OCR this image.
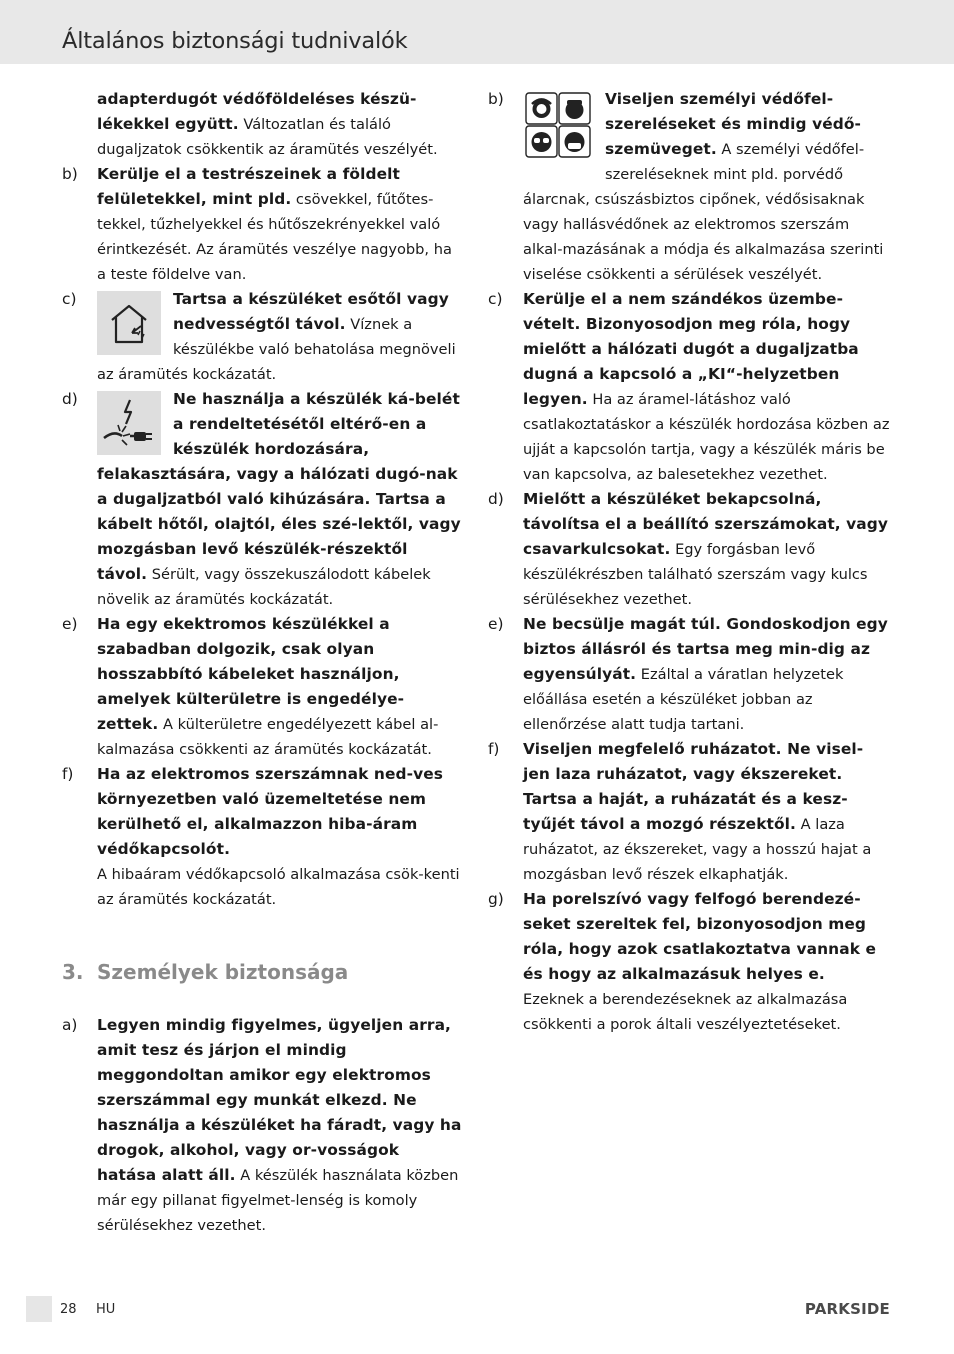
Általános biztonsági tudnivalók
adapterdugót védőföldeléses készü-lékekkel együtt. Változatlan és találó dugaljzatok csökkentik az áramütés veszélyét.
b) Kerülje el a testrészeinek a földelt felületekkel, mint pld. csövekkel, fűtőtes-tekkel, tűzhelyekkel és hűtőszekrényekkel való érintkezését. Az áramütés veszélye nagyobb, ha a teste földelve van.
c)	Tartsa a készüléket esőtől vagy nedvességtől távol. Víznek a készülékbe való behatolása megnöveli az áramütés kockázatát.
d)	Ne használja a készülék ká-belét a rendeltetésétől eltérő-en a készülék hordozására, felakasztására, vagy a hálózati dugó-nak a dugaljzatból való kihúzására. Tartsa a kábelt hőtől, olajtól, éles szé-lektől, vagy mozgásban levő készülék-részektől távol. Sérült, vagy összekuszálodott kábelek növelik az áramütés kockázatát.
e) Ha egy ekektromos készülékkel a szabadban dolgozik, csak olyan hosszabbító kábeleket használjon, amelyek külterületre is engedélye-zettek. A külterületre engedélyezett kábel al-kalmazása csökkenti az áramütés kockázatát.
f) Ha az elektromos szerszámnak ned-ves környezetben való üzemeltetése nem kerülhető el, alkalmazzon hiba-áram védőkapcsolót.
A hibaáram védőkapcsoló alkalmazása csök-kenti az áramütés kockázatát.
3. Személyek biztonsága
a) Legyen mindig figyelmes, ügyeljen arra, amit tesz és járjon el mindig meggondoltan amikor egy elektromos szerszámmal egy munkát elkezd. Ne használja a készüléket ha fáradt, vagy ha drogok, alkohol, vagy or-vosságok hatása alatt áll. A készülék használata közben már egy pillanat figyelmet-lenség is komoly sérülésekhez vezethet.
b)	Viseljen személyi védőfel-szereléseket és mindig védő-szemüveget. A személyi védőfel-szereléseknek mint pld. porvédő álarcnak, csúszásbiztos cipőnek, védősisaknak vagy hallásvédőnek az elektromos szerszám alkal-mazásának a módja és alkalmazása szerinti viselése csökkenti a sérülések veszélyét.
c) Kerülje el a nem szándékos üzembe-vételt. Bizonyosodjon meg róla, hogy mielőtt a hálózati dugót a dugaljzatba dugná a kapcsoló a „KI“-helyzetben legyen. Ha az áramel-látáshoz való csatlakoztatáskor a készülék hordozása közben az ujját a kapcsolón tartja, vagy a készülék máris be van kapcsolva, az balesetekhez vezethet.
d) Mielőtt a készüléket bekapcsolná, távolítsa el a beállító szerszámokat, vagy csavarkulcsokat. Egy forgásban levő készülékrészben található szerszám vagy kulcs sérülésekhez vezethet.
e) Ne becsülje magát túl. Gondoskodjon egy biztos állásról és tartsa meg min-dig az egyensúlyát. Ezáltal a váratlan helyzetek előállása esetén a készüléket jobban az ellenőrzése alatt tudja tartani.
f) Viseljen megfelelő ruházatot. Ne visel-jen laza ruházatot, vagy ékszereket. Tartsa a haját, a ruházatát és a kesz-tyűjét távol a mozgó részektől. A laza ruházatot, az ékszereket, vagy a hosszú hajat a mozgásban levő részek elkaphatják.
g) Ha porelszívó vagy felfogó berendezé-seket szereltek fel, bizonyosodjon meg róla, hogy azok csatlakoztatva vannak e és hogy az alkalmazásuk helyes e.
Ezeknek a berendezéseknek az alkalmazása csökkenti a porok általi veszélyeztetéseket.
28 HU	PARKSIDE
